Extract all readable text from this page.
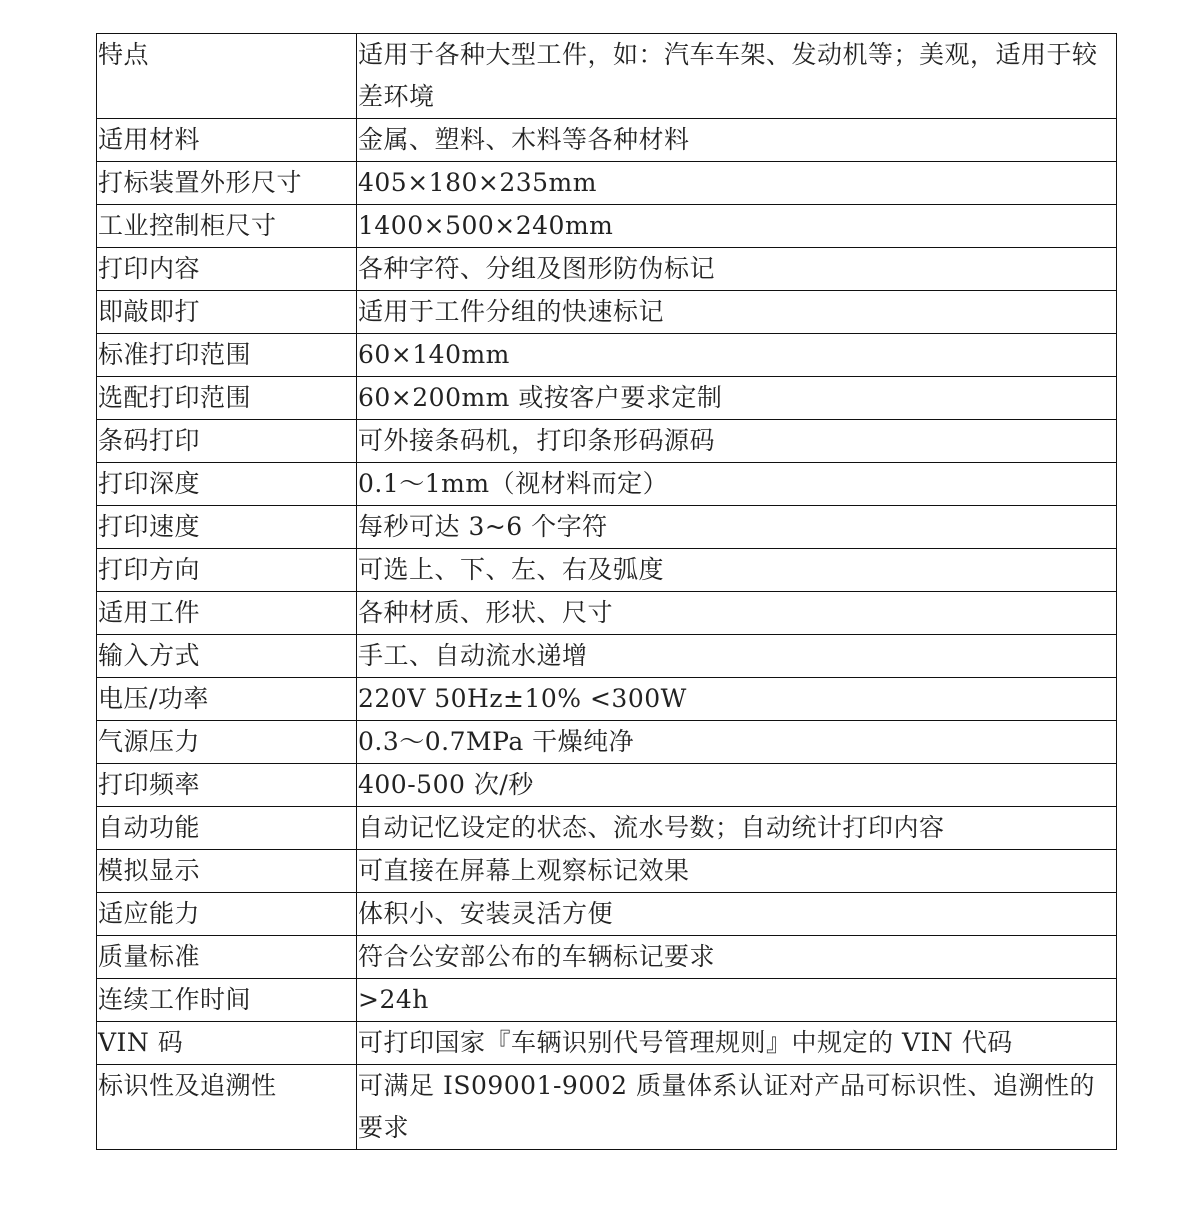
特点	适用于各种大型工件，如：汽车车架、发动机等；美观，适用于较差环境
适用材料	金属、塑料、木料等各种材料
打标装置外形尺寸	405×180×235mm
工业控制柜尺寸	1400×500×240mm
打印内容	各种字符、分组及图形防伪标记
即敲即打	适用于工件分组的快速标记
标准打印范围	60×140mm
选配打印范围	60×200mm 或按客户要求定制
条码打印	可外接条码机，打印条形码源码
打印深度	0.1～1mm（视材料而定）
打印速度	每秒可达 3~6 个字符
打印方向	可选上、下、左、右及弧度
适用工件	各种材质、形状、尺寸
输入方式	手工、自动流水递增
电压/功率	220V 50Hz±10% <300W
气源压力	0.3～0.7MPa 干燥纯净
打印频率	400-500 次/秒
自动功能	自动记忆设定的状态、流水号数；自动统计打印内容
模拟显示	可直接在屏幕上观察标记效果
适应能力	体积小、安装灵活方便
质量标准	符合公安部公布的车辆标记要求
连续工作时间	>24h
VIN 码	可打印国家『车辆识别代号管理规则』中规定的 VIN 代码
标识性及追溯性	可满足 IS09001-9002 质量体系认证对产品可标识性、追溯性的要求
